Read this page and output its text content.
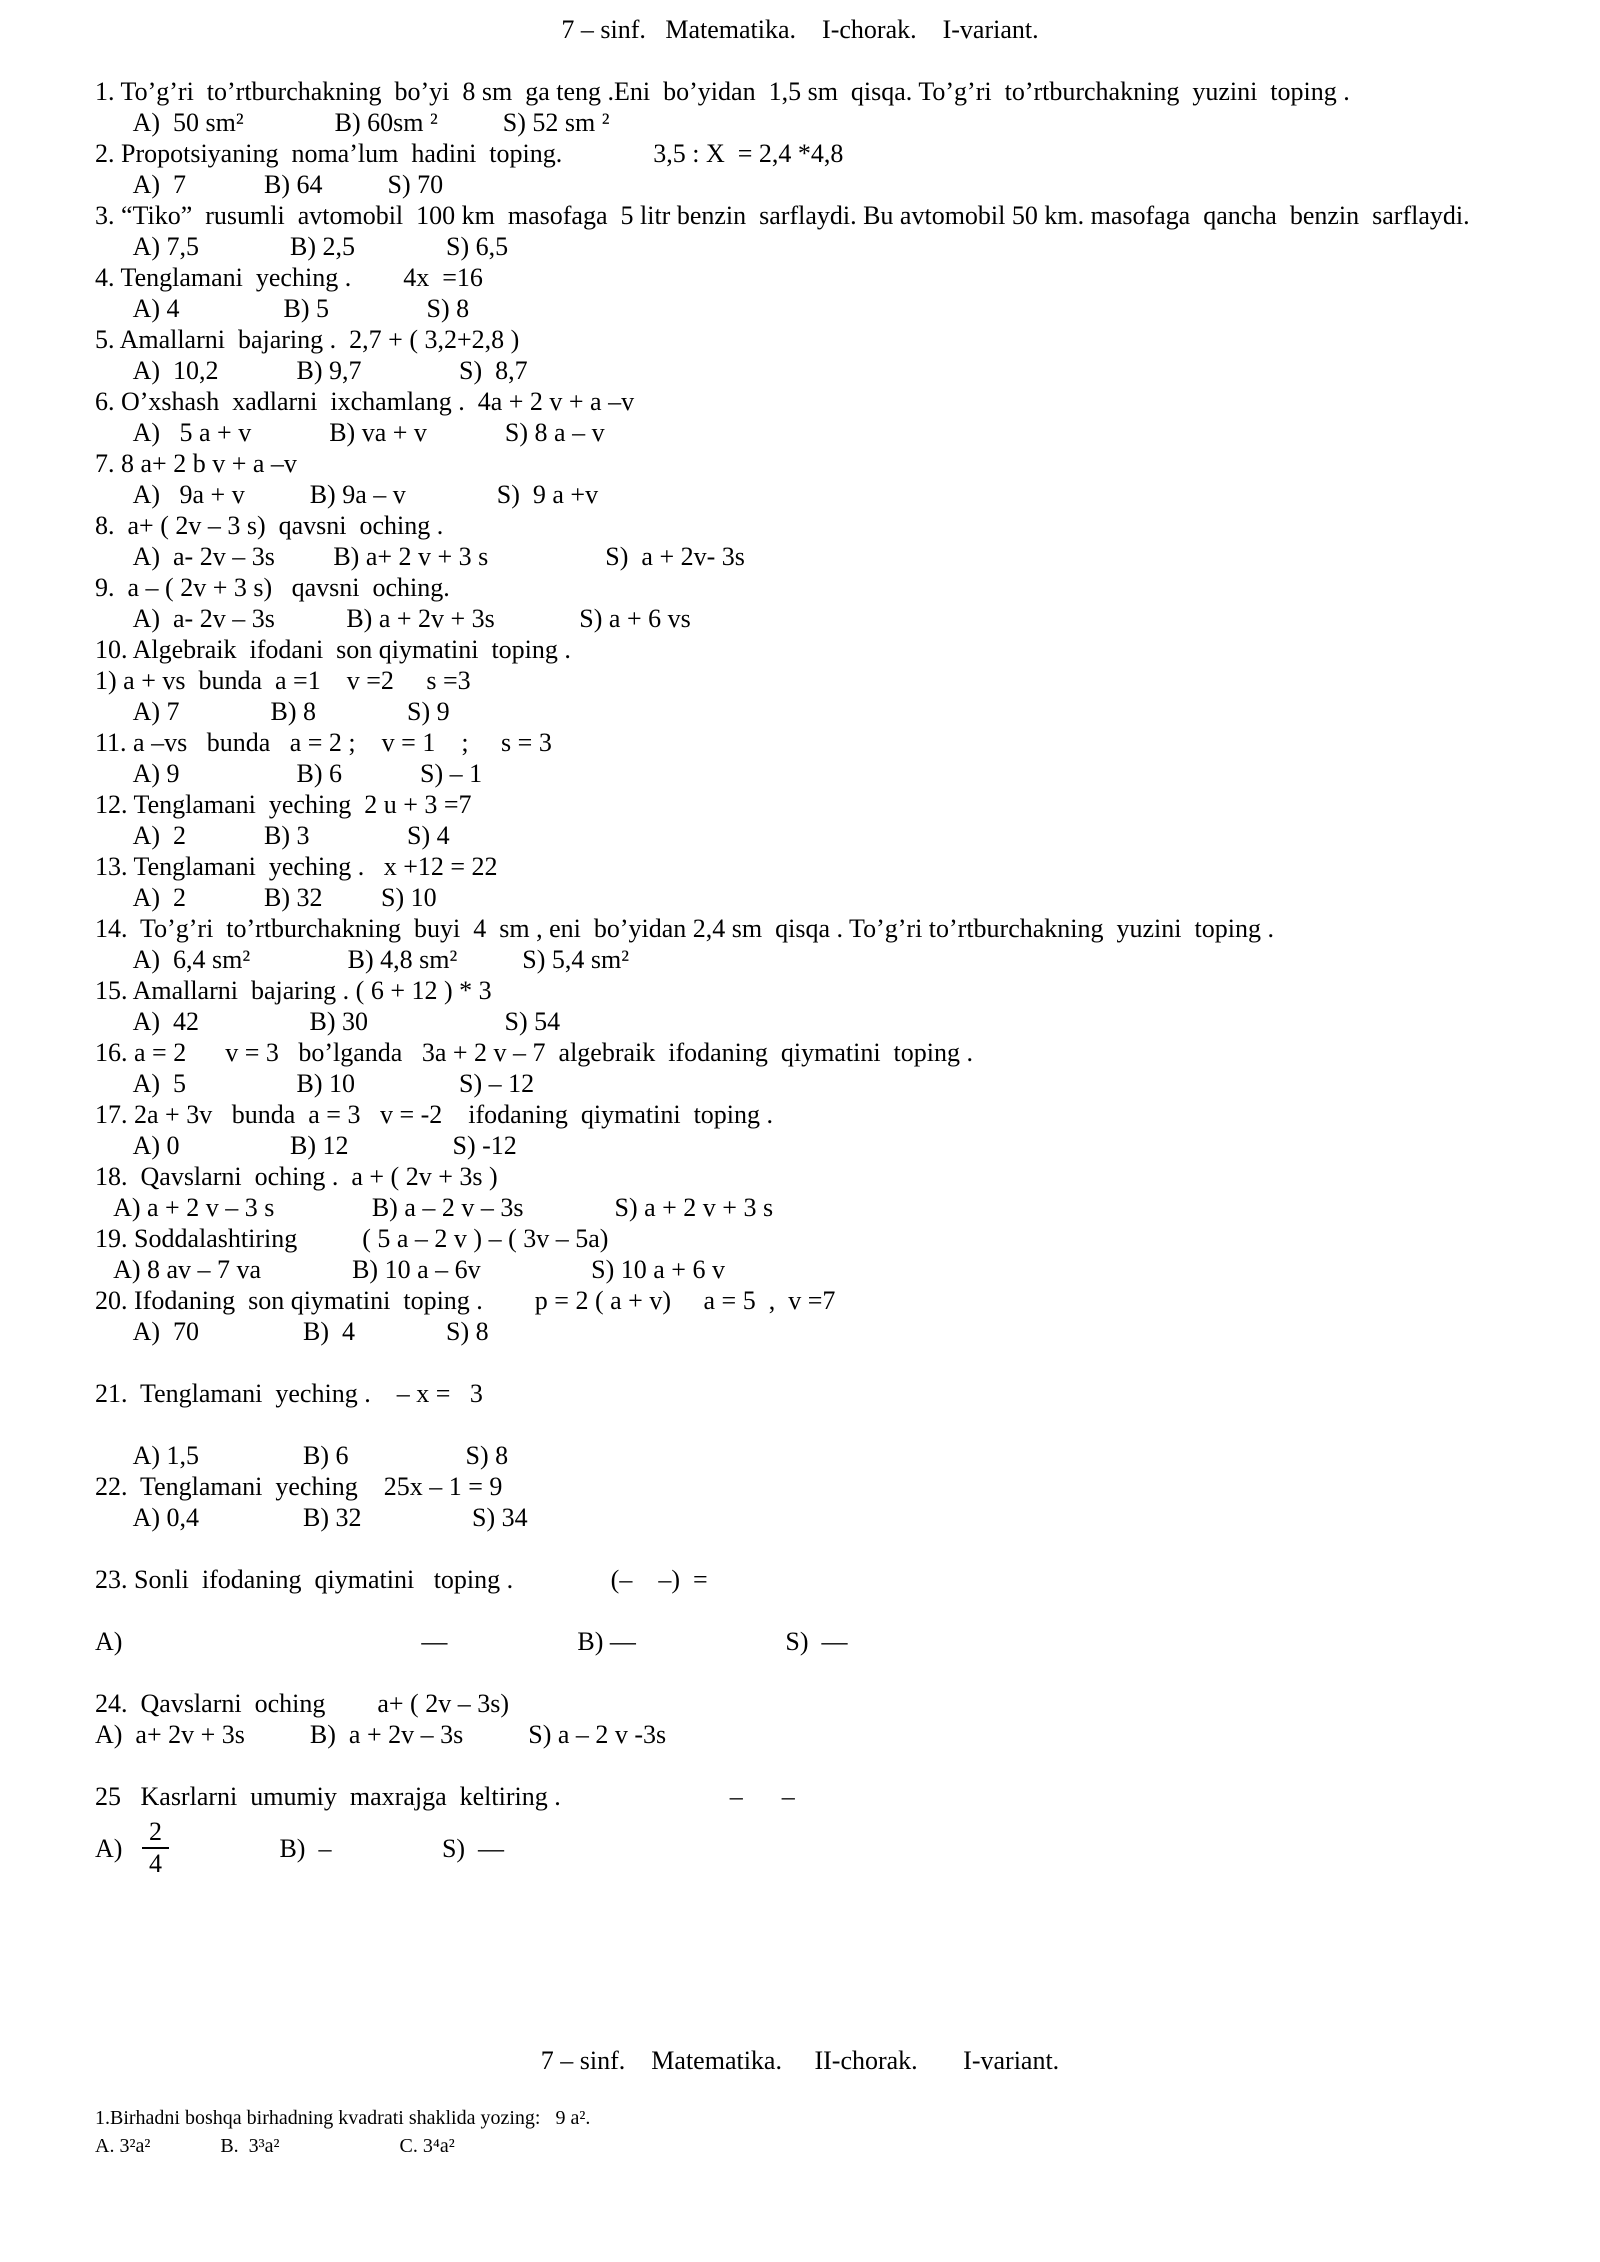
7 – sinf.   Matematika.    I-chorak.    I-variant.
1. To’g’ri  to’rtburchakning  bo’yi  8 sm  ga teng .Eni  bo’yidan  1,5 sm  qisqa. To’g’ri  to’rtburchakning  yuzini  toping .
A)  50 sm²              B) 60sm ²          S) 52 sm ²
2. Propotsiyaning  noma’lum  hadini  toping.              3,5 : X  = 2,4 *4,8
A)  7            B) 64          S) 70
3. “Tiko”  rusumli  avtomobil  100 km  masofaga  5 litr benzin  sarflaydi. Bu avtomobil 50 km. masofaga  qancha  benzin  sarflaydi.
A) 7,5              B) 2,5              S) 6,5
4. Tenglamani  yeching .        4x  =16
A) 4                B) 5               S) 8
5. Amallarni  bajaring .  2,7 + ( 3,2+2,8 )
A)  10,2            B) 9,7               S)  8,7
6. O’xshash  xadlarni  ixchamlang .  4a + 2 v + a –v
A)   5 a + v            B) va + v            S) 8 a – v
7. 8 a+ 2 b v + a –v
A)   9a + v          B) 9a – v              S)  9 a +v
8.  a+ ( 2v – 3 s)  qavsni  oching .
A)  a- 2v – 3s         B) a+ 2 v + 3 s                  S)  a + 2v- 3s
9.  a – ( 2v + 3 s)   qavsni  oching.
A)  a- 2v – 3s           B) a + 2v + 3s             S) a + 6 vs
10. Algebraik  ifodani  son qiymatini  toping .
1) a + vs  bunda  a =1    v =2     s =3
A) 7              B) 8              S) 9
11. a –vs   bunda   a = 2 ;    v = 1    ;     s = 3
A) 9                  B) 6            S) – 1
12. Tenglamani  yeching  2 u + 3 =7
A)  2            B) 3               S) 4
13. Tenglamani  yeching .   x +12 = 22
A)  2            B) 32         S) 10
14.  To’g’ri  to’rtburchakning  buyi  4  sm , eni  bo’yidan 2,4 sm  qisqa . To’g’ri to’rtburchakning  yuzini  toping .
A)  6,4 sm²               B) 4,8 sm²          S) 5,4 sm²
15. Amallarni  bajaring . ( 6 + 12 ) * 3
A)  42                 B) 30                     S) 54
16. a = 2      v = 3   bo’lganda   3a + 2 v – 7  algebraik  ifodaning  qiymatini  toping .
A)  5                 B) 10                S) – 12
17. 2a + 3v   bunda  a = 3   v = -2    ifodaning  qiymatini  toping .
A) 0                 B) 12                S) -12
18.  Qavslarni  oching .  a + ( 2v + 3s )
A) a + 2 v – 3 s               B) a – 2 v – 3s              S) a + 2 v + 3 s
19. Soddalashtiring          ( 5 a – 2 v ) – ( 3v – 5a)
A) 8 av – 7 va              B) 10 a – 6v                 S) 10 a + 6 v
20. Ifodaning  son qiymatini  toping .        p = 2 ( a + v)     a = 5  ,  v =7
A)  70                B)  4              S) 8
21.  Tenglamani  yeching .    – x =   3
A) 1,5                B) 6                  S) 8
22.  Tenglamani  yeching    25x – 1 = 9
A) 0,4                B) 32                 S) 34
23. Sonli  ifodaning  qiymatini   toping .               (–    –)  =
A)                                              —                    B) —                       S)  —
24.  Qavslarni  oching        a+ ( 2v – 3s)
A)  a+ 2v + 3s          B)  a + 2v – 3s          S) a – 2 v -3s
25   Kasrlarni  umumiy  maxrajga  keltiring .                          –      –
$A) \frac{2}{4} B$)  –                 S)  —
7 – sinf.    Matematika.     II-chorak.       I-variant.
1.Birhadni boshqa birhadning kvadrati shaklida yozing:   9 a².
A. 3²a²              B.  3³a²                        C. 3⁴a²
